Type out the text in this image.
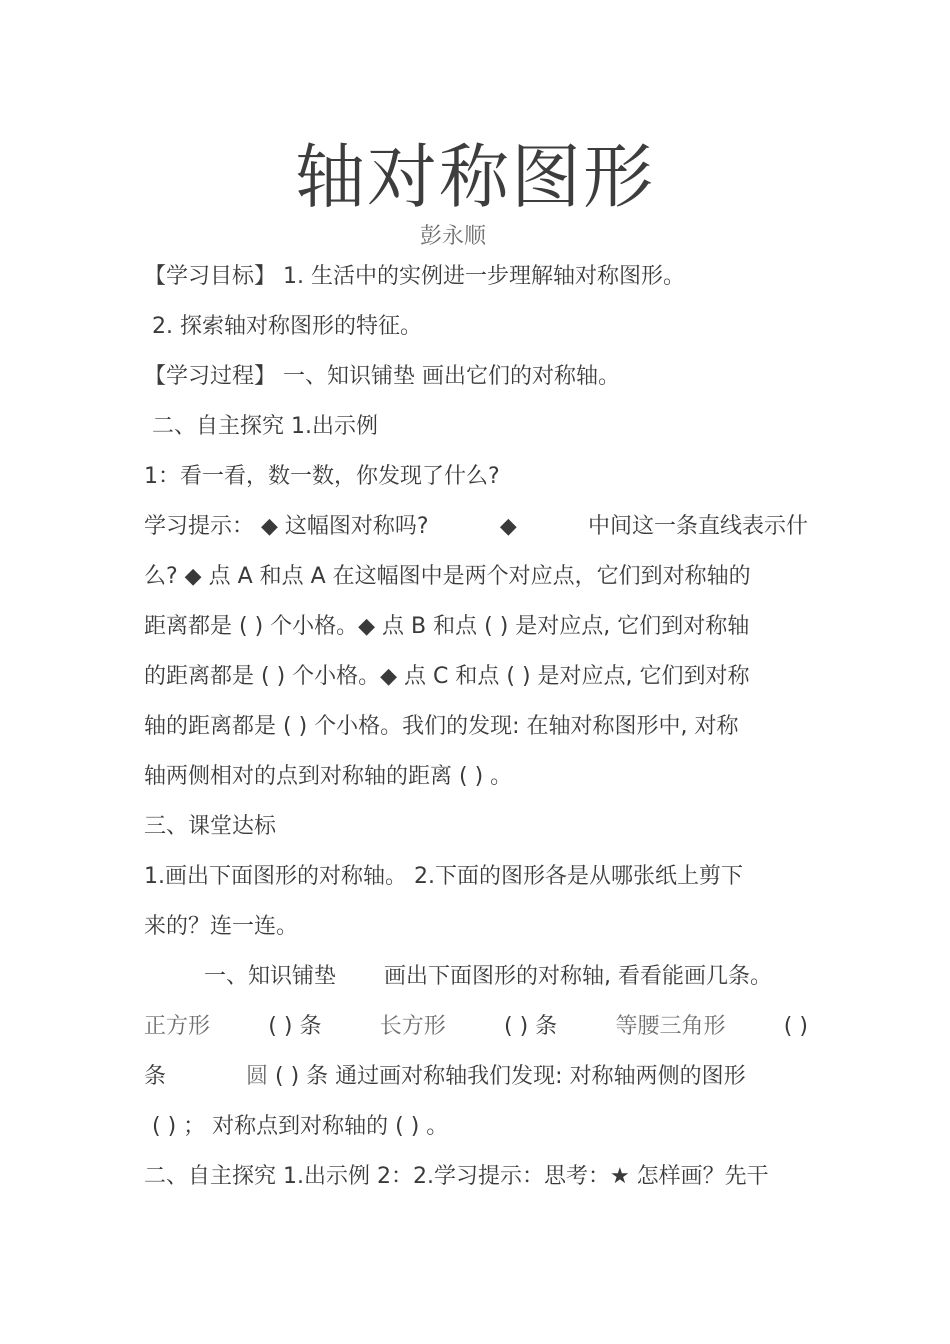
轴对称图形
彭永顺
【学习目标】 1. 生活中的实例进一步理解轴对称图形。
2. 探索轴对称图形的特征。
【学习过程】 一、知识铺垫 画出它们的对称轴。
二、自主探究 1.出示例
1：看一看，数一数，你发现了什么?
学习提示： ◆ 这幅图对称吗?	◆	中间这一条直线表示什
么? ◆ 点 A 和点 A 在这幅图中是两个对应点，它们到对称轴的
距离都是 ( ) 个小格。◆ 点 B 和点 ( ) 是对应点, 它们到对称轴
的距离都是 ( ) 个小格。◆ 点 C 和点 ( ) 是对应点, 它们到对称
轴的距离都是 ( ) 个小格。我们的发现: 在轴对称图形中, 对称
轴两侧相对的点到对称轴的距离 ( ) 。
三、课堂达标
1.画出下面图形的对称轴。 2.下面的图形各是从哪张纸上剪下
来的？连一连。
一、知识铺垫 画出下面图形的对称轴, 看看能画几条。
正方形	( ) 条	长方形	( ) 条	等腰三角形	( )
条	圆 ( ) 条 通过画对称轴我们发现: 对称轴两侧的图形
( ) ； 对称点到对称轴的 ( ) 。
二、自主探究 1.出示例 2：2.学习提示：思考：★ 怎样画？先干
